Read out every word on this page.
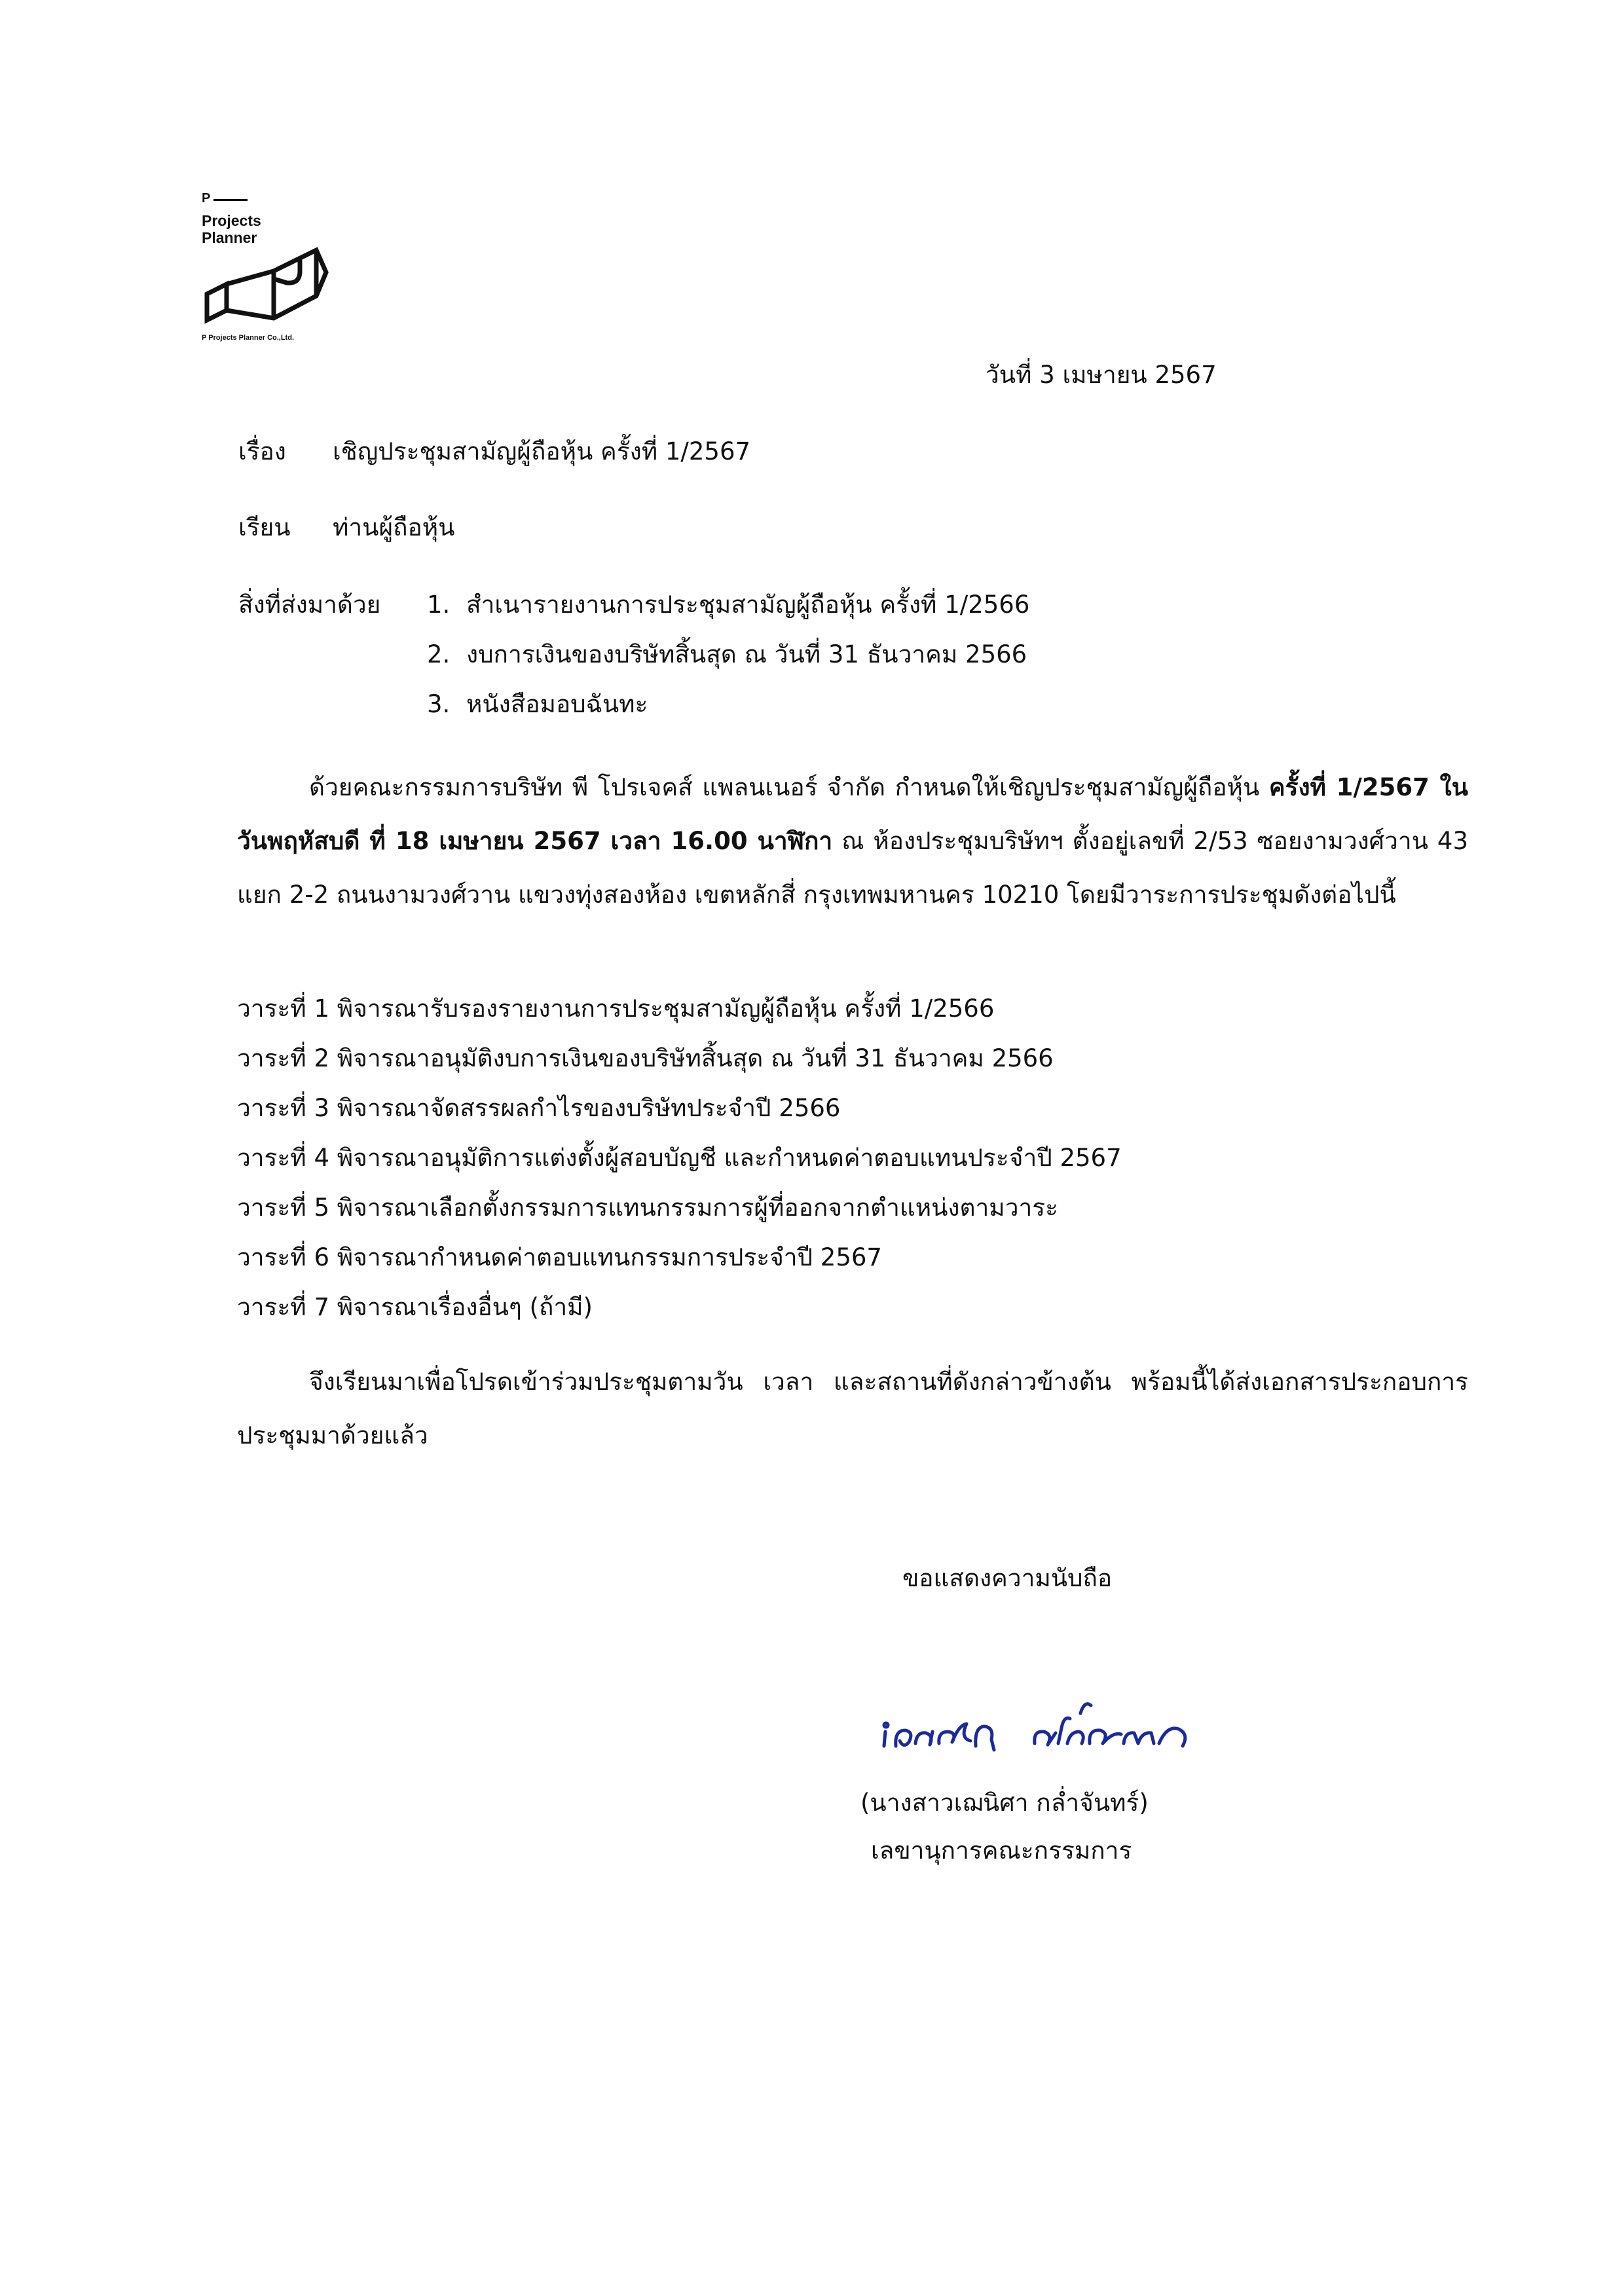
P
Projects
Planner
P Projects Planner Co.,Ltd.
วันที่ 3 เมษายน 2567
เรื่อง เชิญประชุมสามัญผู้ถือหุ้น ครั้งที่ 1/2567
เรียน ท่านผู้ถือหุ้น
สิ่งที่ส่งมาด้วย 1. สำเนารายงานการประชุมสามัญผู้ถือหุ้น ครั้งที่ 1/2566
2. งบการเงินของบริษัทสิ้นสุด ณ วันที่ 31 ธันวาคม 2566
3. หนังสือมอบฉันทะ
ด้วยคณะกรรมการบริษัท พี โปรเจคส์ แพลนเนอร์ จำกัด กำหนดให้เชิญประชุมสามัญผู้ถือหุ้น ครั้งที่ 1/2567 ในวันพฤหัสบดี ที่ 18 เมษายน 2567 เวลา 16.00 นาฬิกา ณ ห้องประชุมบริษัทฯ ตั้งอยู่เลขที่ 2/53 ซอยงามวงศ์วาน 43 แยก 2-2 ถนนงามวงศ์วาน แขวงทุ่งสองห้อง เขตหลักสี่ กรุงเทพมหานคร 10210 โดยมีวาระการประชุมดังต่อไปนี้
วาระที่ 1 พิจารณารับรองรายงานการประชุมสามัญผู้ถือหุ้น ครั้งที่ 1/2566
วาระที่ 2 พิจารณาอนุมัติงบการเงินของบริษัทสิ้นสุด ณ วันที่ 31 ธันวาคม 2566
วาระที่ 3 พิจารณาจัดสรรผลกำไรของบริษัทประจำปี 2566
วาระที่ 4 พิจารณาอนุมัติการแต่งตั้งผู้สอบบัญชี และกำหนดค่าตอบแทนประจำปี 2567
วาระที่ 5 พิจารณาเลือกตั้งกรรมการแทนกรรมการผู้ที่ออกจากตำแหน่งตามวาระ
วาระที่ 6 พิจารณากำหนดค่าตอบแทนกรรมการประจำปี 2567
วาระที่ 7 พิจารณาเรื่องอื่นๆ (ถ้ามี)
จึงเรียนมาเพื่อโปรดเข้าร่วมประชุมตามวัน เวลา และสถานที่ดังกล่าวข้างต้น พร้อมนี้ได้ส่งเอกสารประกอบการประชุมมาด้วยแล้ว
ขอแสดงความนับถือ
(นางสาวเฌนิศา กล่ำจันทร์)
เลขานุการคณะกรรมการ
